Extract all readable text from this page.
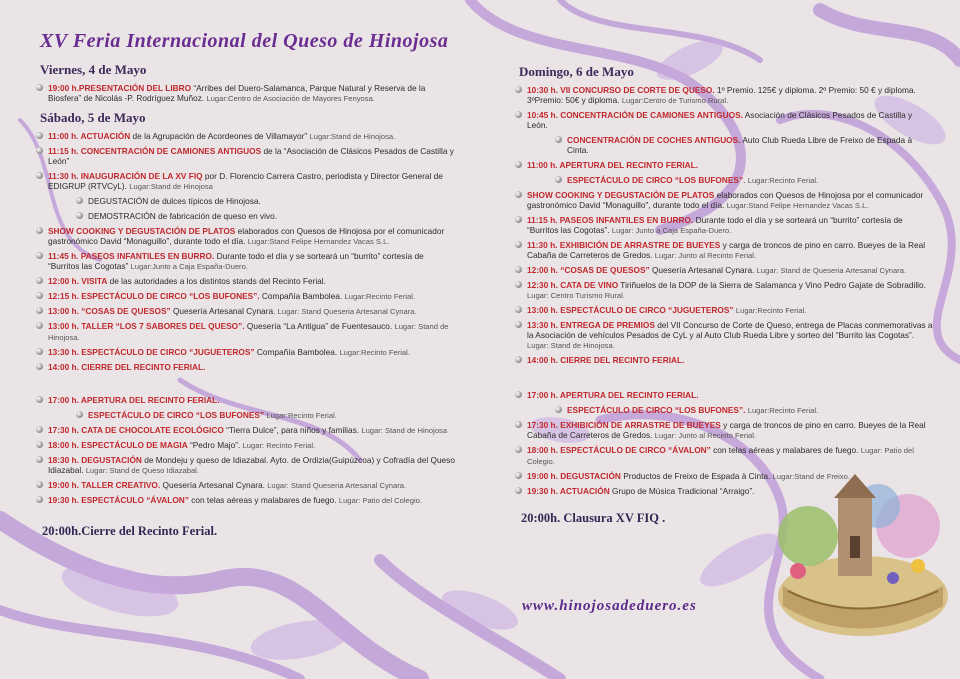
XV Feria Internacional del Queso de Hinojosa
Viernes, 4 de Mayo
19:00 h.PRESENTACIÓN DEL LIBRO “Arribes del Duero-Salamanca, Parque Natural y Reserva de la Biosfera” de Nicolás -P. Rodríguez Muñoz. Lugar:Centro de Asociación de Mayores Fenyosa.
Sábado, 5 de Mayo
11:00 h. ACTUACIÓN de la Agrupación de Acordeones de Villamayor” Lugar:Stand de Hinojosa.
11:15 h. CONCENTRACIÓN DE CAMIONES ANTIGUOS de la “Asociación de Clásicos Pesados de Castilla y León”
11:30 h. INAUGURACIÓN DE LA XV FIQ por D. Florencio Carrera Castro, periodista y Director General de EDIGRUP (RTVCyL). Lugar:Stand de Hinojosa
DEGUSTACIÓN de dulces típicos de Hinojosa.
DEMOSTRACIÓN de fabricación de queso en vivo.
SHOW COOKING Y DEGUSTACIÓN DE PLATOS elaborados con Quesos de Hinojosa por el comunicador gastronómico David “Monaguillo”, durante todo el día. Lugar:Stand Felipe Hernandez Vacas S.L.
11:45 h. PASEOS INFANTILES EN BURRO. Durante todo el día y se sorteará un “burrito” cortesía de “Burritos las Cogotas” Lugar:Junto a Caja España-Duero.
12:00 h. VISITA de las autoridades a los distintos stands del Recinto Ferial.
12:15 h. ESPECTÁCULO DE CIRCO “LOS BUFONES”. Compañía Bambolea. Lugar:Recinto Ferial.
13:00 h. “COSAS DE QUESOS” Quesería Artesanal Cynara. Lugar: Stand Queseria Artesanal Cynara.
13:00 h. TALLER “LOS 7 SABORES DEL QUESO”. Quesería “La Antigua” de Fuentesauco. Lugar: Stand de Hinojosa.
13:30 h. ESPECTÁCULO DE CIRCO “JUGUETEROS” Compañía Bambolea. Lugar:Recinto Ferial.
14:00 h. CIERRE DEL RECINTO FERIAL.
17:00 h. APERTURA DEL RECINTO FERIAL.
ESPECTÁCULO DE CIRCO “LOS BUFONES” Lugar:Recinto Ferial.
17:30 h. CATA DE CHOCOLATE ECOLÓGICO “Tierra Dulce”, para niños y familias. Lugar: Stand de Hinojosa
18:00 h. ESPECTÁCULO DE MAGIA “Pedro Majo”. Lugar: Recinto Ferial.
18:30 h. DEGUSTACIÓN de Mondeju y queso de Idiazabal. Ayto. de Ordizia(Guipúzcoa) y Cofradía del Queso Idiazabal. Lugar: Stand de Queso Idiazabal.
19:00 h. TALLER CREATIVO. Quesería Artesanal Cynara. Lugar: Stand Queseria Artesanal Cynara.
19:30 h. ESPECTÁCULO “ÁVALON” con telas aéreas y malabares de fuego. Lugar: Patio del Colegio.
20:00h.Cierre del Recinto Ferial.
Domingo, 6 de Mayo
10:30 h. VII CONCURSO DE CORTE DE QUESO. 1º Premio. 125€ y diploma. 2º Premio: 50 € y diploma. 3ºPremio: 50€ y diploma. Lugar:Centro de Turismo Rural.
10:45 h. CONCENTRACIÓN DE CAMIONES ANTIGUOS. Asociación de Clásicos Pesados de Castilla y León.
CONCENTRACIÓN DE COCHES ANTIGUOS. Auto Club Rueda Libre de Freixo de Espada à Cinta.
11:00 h. APERTURA DEL RECINTO FERIAL.
ESPECTÁCULO DE CIRCO “LOS BUFONES”. Lugar:Recinto Ferial.
SHOW COOKING Y DEGUSTACIÓN DE PLATOS elaborados con Quesos de Hinojosa por el comunicador gastronómico David “Monaguillo”, durante todo el día. Lugar:Stand Felipe Hernandez Vacas S.L.
11:15 h. PASEOS INFANTILES EN BURRO. Durante todo el día y se sorteará un “burrito” cortesía de “Burritos las Cogotas”. Lugar: Junto a Caja España-Duero.
11:30 h. EXHIBICIÓN DE ARRASTRE DE BUEYES y carga de troncos de pino en carro. Bueyes de la Real Cabaña de Carreteros de Gredos. Lugar: Junto al Recinto Ferial.
12:00 h. “COSAS DE QUESOS” Quesería Artesanal Cynara. Lugar: Stand de Queseria Artesanal Cynara.
12:30 h. CATA DE VINO Tiriñuelos de la DOP de la Sierra de Salamanca y Vino Pedro Gajate de Sobradillo. Lugar: Centro Turismo Rural.
13:00 h. ESPECTÁCULO DE CIRCO “JUGUETEROS” Lugar:Recinto Ferial.
13:30 h. ENTREGA DE PREMIOS del VII Concurso de Corte de Queso, entrega de Placas conmemorativas a la Asociación de vehículos Pesados de CyL y al Auto Club Rueda Libre y sorteo del “Burrito las Cogotas”. Lugar: Stand de Hinojosa.
14:00 h. CIERRE DEL RECINTO FERIAL.
17:00 h. APERTURA DEL RECINTO FERIAL.
ESPECTÁCULO DE CIRCO “LOS BUFONES”. Lugar:Recinto Ferial.
17:30 h. EXHIBICIÓN DE ARRASTRE DE BUEYES y carga de troncos de pino en carro. Bueyes de la Real Cabaña de Carreteros de Gredos. Lugar: Junto al Recinto Ferial.
18:00 h. ESPECTÁCULO DE CIRCO “ÁVALON” con telas aéreas y malabares de fuego. Lugar: Patio del Colegio.
19:00 h. DEGUSTACIÓN Productos de Freixo de Espada à Cinta. Lugar:Stand de Freixo.
19:30 h. ACTUACIÓN Grupo de Música Tradicional “Arraigo”.
20:00h. Clausura XV FIQ .
www.hinojosadeduero.es
